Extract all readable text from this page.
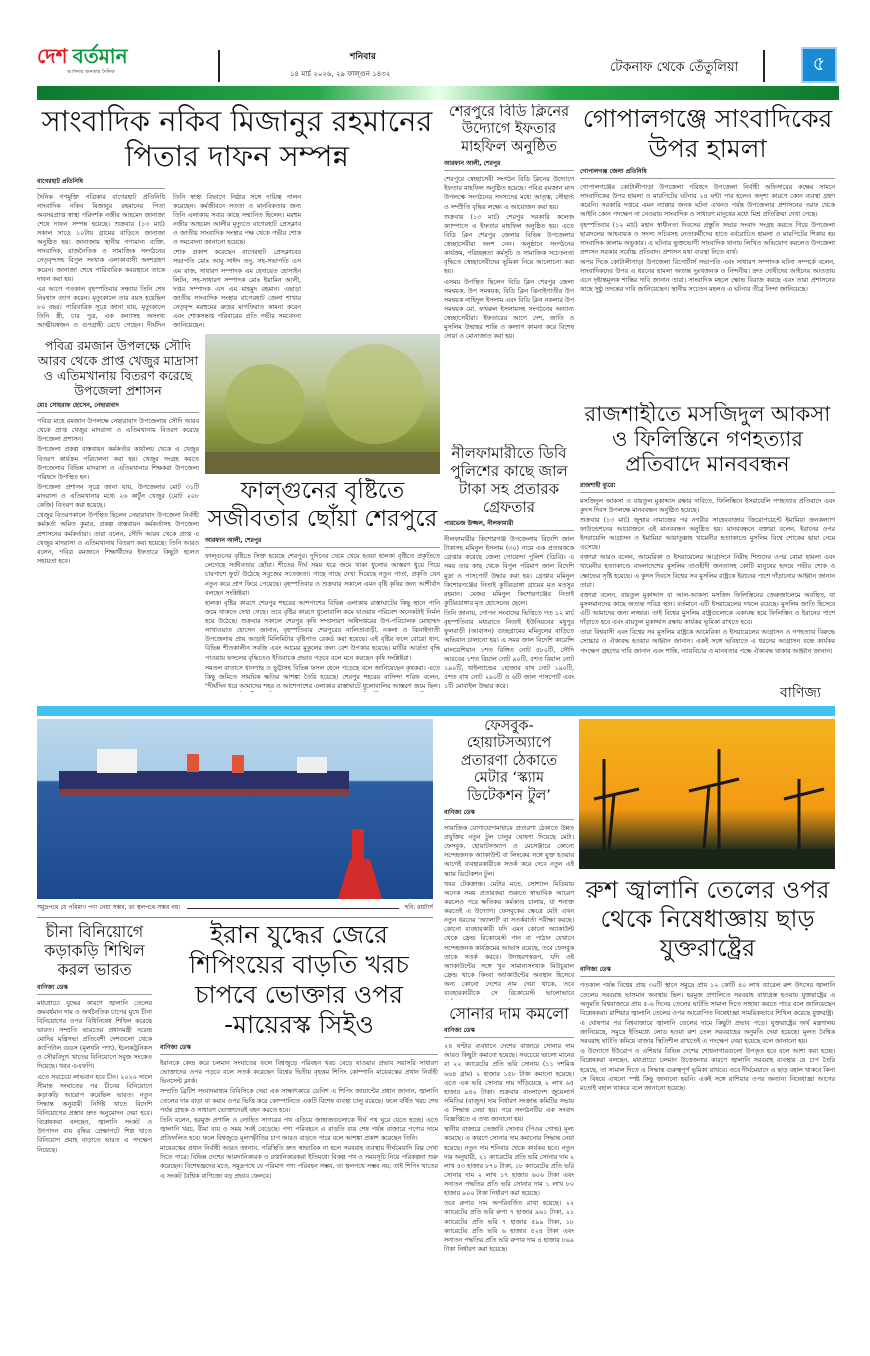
দেশ বর্তমান
আপনার জনতার দৈনিক
শনিবার
১৪ মার্চ ২০২৬, ২৯ ফাল্গুন ১৪৩২	টেকনাফ থেকে তেঁতুলিয়া	৫
সাংবাদিক নকিব মিজানুর রহমানের পিতার দাফন সম্পন্ন
বাগেরহাট প্রতিনিধি

দৈনিক গণমুক্তি পত্রিকার বাগেরহাট প্রতিনিধি সাংবাদিক নকিব মিজানুর রহমানের পিতা অবসরপ্রাপ্ত স্বাস্থ্য পরিদর্শক নজীর আহমেদ জানাজা শেষে দাফন সম্পন্ন হয়েছে। শুক্রবার (১৩ মার্চ) সকাল সাড়ে ১০টায় গ্রামের বাড়িতে জানাজা অনুষ্ঠিত হয়। জানাজায় স্থানীয় গণ্যমান্য ব্যক্তি, সাংবাদিক, রাজনৈতিক ও সামাজিক সংগঠনের নেতৃবৃন্দসহ বিপুল সংখ্যক এলাকাবাসী অংশগ্রহণ করেন। জানাজা শেষে পারিবারিক কবরস্থানে তাকে দাফন করা হয়।

এর আগে গতকাল বৃহস্পতিবার সন্ধ্যায় তিনি শেষ নিঃশ্বাস ত্যাগ করেন। মৃত্যুকালে তার বয়স হয়েছিল ৮০ বছর। পারিবারিক সূত্রে জানা যায়, মৃত্যুকালে তিনি স্ত্রী, চার পুত্র, এক কন্যাসহ অসংখ্য আত্মীয়স্বজন ও গুণগ্রাহী রেখে গেছেন। দীর্ঘদিন তিনি স্বাস্থ্য বিভাগে নিষ্ঠার সঙ্গে দায়িত্ব পালন করেছেন। কর্মজীবনে সততা ও মানবিকতার জন্য তিনি এলাকায় সবার কাছে সম্মানিত ছিলেন। মরহুম নজীর আহমেদ আলীর মৃত্যুতে বাগেরহাট প্রেসক্লাব ও জাতীয় সাংবাদিক সংস্থার পক্ষ থেকে গভীর শোক ও সমবেদনা জানানো হয়েছে।

শোক প্রকাশ করেছেন বাগেরহাট প্রেসক্লাবের সভাপতি মোঃ আবু সাঈদ তনু, সহ-সভাপতি এস এম রাজ, সাধারণ সম্পাদক এম হেদায়েত হোসাইন লিটন, সহ-সাধারণ সম্পাদক মোঃ ইয়ামিন আলী, দপ্তর সম্পাদক এস এম মাহমুদ রহমান। এছাড়া জাতীয় সাংবাদিক সংস্থার বাগেরহাট জেলা শাখার নেতৃবৃন্দ মরহুমের রুহের মাগফিরাত কামনা করেন এবং শোকসন্তপ্ত পরিবারের প্রতি গভীর সমবেদনা জানিয়েছেন।

পবিত্র রমজান উপলক্ষে সৌদি আরব থেকে প্রাপ্ত খেজুর মাদ্রাসা ও এতিমখানায় বিতরণ করেছে উপজেলা প্রশাসন
মোঃ সোহরাফ হোসেন, নেছারাবাদ

পবিত্র মাহে রমজান উপলক্ষে নেছারাবাদ উপজেলায় সৌদি আরব থেকে প্রাপ্ত খেজুর মাদরাসা ও এতিমখানায় বিতরণ করেছে উপজেলা প্রশাসন।

উপজেলা প্রকল্প বাস্তবায়ন কর্মকর্তার কার্যালয় থেকে এ খেজুর বিতরণ কার্যক্রম পরিচালনা করা হয়। খেজুর সংগ্রহ করতে উপজেলার বিভিন্ন মাদরাসা ও এতিমখানার শিক্ষকরা উপজেলা পরিষদে উপস্থিত হন।

উপজেলা প্রশাসন সূত্রে জানা যায়, উপজেলার মোট ৩১টি মাদরাসা ও এতিমখানার মধ্যে ২৬ কার্টুন খেজুর (মোট ২০৮ কেজি) বিতরণ করা হয়েছে।

খেজুর বিতরণকালে উপস্থিত ছিলেন নেছারাবাদ উপজেলা নির্বাহী কর্মকর্তা অমিত কুমার, প্রকল্প বাস্তবায়ন কর্মকর্তাসহ উপজেলা প্রশাসনের কর্মকর্তারা। তারা বলেন, সৌদি আরব থেকে প্রাপ্ত এ খেজুর মাদরাসা ও এতিমখানায় বিতরণ করা হয়েছে। তিনি আরও বলেন, পবিত্র রমজানে শিক্ষার্থীদের ইফতারে কিছুটা হলেও সহায়তা হবে।

ফাল্গুনের বৃষ্টিতে সজীবতার ছোঁয়া শেরপুরে
আরফান আলী, শেরপুর

ফাল্গুনের বৃষ্টিতে সিক্ত হয়েছে শেরপুর। দুদিনের থেমে থেমে হওয়া হালকা বৃষ্টিতে প্রকৃতিতে লেগেছে সজীবতার ছোঁয়া। শীতের দীর্ঘ সময় ধরে জমে থাকা ধুলোর আস্তরণ ধুয়ে গিয়ে চারপাশে ফুটে উঠেছে সবুজের সতেজতা। গাছে গাছে দেখা দিয়েছে নতুন পাতা, প্রকৃতি যেন নতুন করে প্রাণ ফিরে পেয়েছে। বৃহস্পতিবার ও শুক্রবার সকালে এমন বৃষ্টি কৃষির জন্য আশীর্বাদ বলছেন সংশ্লিষ্টরা।

হালকা বৃষ্টির কারণে শেরপুর শহরের আশপাশের বিভিন্ন এলাকায় রাস্তাঘাটের কিছু স্থানে পানি জমে থাকতে দেখা গেছে। তবে বৃষ্টির কারণে ধুলোবালি কমে যাওয়ায় পরিবেশ অনেকটাই নির্মল হয়ে উঠেছে। শুক্রবার সকালে শেরপুর কৃষি সম্প্রসারণ অধিদপ্তরের উপ-পরিচালক মোহাম্মদ সাখাওয়াত হোসেন জানান, বৃহস্পতিবার শেরপুরের নালিতাবাড়ী, নকলা ও ঝিনাইগাতী উপজেলায় প্রায় আড়াই মিলিমিটার বৃষ্টিপাত রেকর্ড করা হয়েছে। এই বৃষ্টির ফলে বোরো ধান, বিভিন্ন শীতকালীন সবজি এবং আমের মুকুলের জন্য বেশ উপকার হয়েছে। মাটির আর্দ্রতা বৃদ্ধি পাওয়ায় ফসলের বৃদ্ধিতেও ইতিবাচক প্রভাব পড়বে বলে মনে করছেন কৃষি সংশ্লিষ্টরা।

সমতল বাতাসে ধানগাছ ও ভুট্টাসহ বিভিন্ন ফসল হেলে পড়েছে বলে জানিয়েছেন কৃষকরা। এতে কিছু জমিতে সাময়িক ক্ষতির আশঙ্কা তৈরি হয়েছে। শেরপুর শহরের বাসিন্দা শরিফ বলেন, "দীর্ঘদিন ধরে আমাদের শহর ও আশেপাশের এলাকার রাস্তাঘাটে ধুলোবালির আস্তরণ জমে ছিল।

শেরপুরে বিডি ক্লিনের উদ্যোগে ইফতার মাহফিল অনুষ্ঠিত
আরফান আলী, শেরপুর

শেরপুরে স্বেচ্ছাসেবী সংগঠন বিডি ক্লিনের উদ্যোগে ইফতার মাহফিল অনুষ্ঠিত হয়েছে। পবিত্র রমজান মাস উপলক্ষে সংগঠনের সদস্যদের মধ্যে আতৃত্ব, সৌহার্দ্য ও সম্প্রীতি বৃদ্ধির লক্ষ্যে এ আয়োজন করা হয়।

শুক্রবার (১৩ মার্চ) শেরপুর সরকারি কলেজ ক্যাম্পাসে এ ইফতার মাহফিল অনুষ্ঠিত হয়। এতে বিডি ক্লিন শেরপুর জেলার বিভিন্ন উপজেলার স্বেচ্ছাসেবীরা অংশ নেন। অনুষ্ঠানে সংগঠনের কার্যক্রম, পরিচ্ছন্নতা কর্মসূচি ও সামাজিক সচেতনতা বৃদ্ধিতে স্বেচ্ছাসেবীদের ভূমিকা নিয়ে আলোচনা করা হয়।

এসময় উপস্থিত ছিলেন বিডি ক্লিন শেরপুর জেলা সমন্বয়ক, উপ সমন্বয়ক, বিডি ক্লিন ঝিনাইগাতীর উপ সমন্বয়ক নাহিদুল ইসলাম এবং বিডি ক্লিন নকলার উপ সমন্বয়ক মো. ফখরুল ইসলামসহ সংগঠনের অন্যান্য স্বেচ্ছাসেবীরা। ইফতারের আগে দেশ, জাতি ও মুসলিম উম্মাহর শান্তি ও কল্যাণ কামনা করে বিশেষ দোয়া ও মোনাজাত করা হয়।

নীলফামারীতে ডিবি পুলিশের কাছে জাল টাকা সহ প্রতারক গ্রেফতার
পারভেজ উজ্জল, নীলফামারী

নীলফামারীর কিশোরগঞ্জ উপজেলায় বিদেশি জাল টাকাসহ মমিনুল ইসলাম (৩০) নামে এক প্রতারককে গ্রেপ্তার করেছে জেলা গোয়েন্দা পুলিশ (ডিবি)। এ সময় তার কাছ থেকে বিপুল পরিমাণ জাল বিদেশি মুদ্রা ও পাসপোর্ট উদ্ধার করা হয়। গ্রেপ্তার মমিনুল কিশোরগঞ্জের নিতাই কুটিরডাঙ্গা গ্রামের মৃত মতসুর রহমান। মেজর মমিনুল কিশোরগঞ্জের নিতাই কুটিরডাঙ্গার মৃত হোসেনের ছেলে।

তিনি জানায়, গোপন সংবাদের ভিত্তিতে গত ১২ মার্চ বৃহস্পতিবার মধ্যরাতে নিতাই ইউনিয়নের মধুপুর ফুলবাড়ী (আবাসন) গুচ্ছগ্রামের মমিনুলের বাড়িতে অভিযান চালানো হয়। এ সময় জাল বিদেশি কারেন্সি মালয়েশিয়ান ১শত রিঙ্গিত নোট ৫৮০টি, সৌদি আরবের ১শত রিয়াল নোট ৯০টি, ৫শত রিয়াল নোট ১৯০টি, থাইল্যান্ডের ১হাজার বাথ নোট ১৯০টি, ৫শত বাথ নোট ২৯০টি ও ৬টি জাল পাসপোর্ট এবং ১টি মোবাইল উদ্ধার করে।

গোপালগঞ্জে সাংবাদিকের উপর হামলা
গোপালগঞ্জ জেলা প্রতিনিধি

গোপালগঞ্জের কোটালীপাড়া উপজেলা পরিষদে উপজেলা নির্বাহী অফিসারের কক্ষের সামনে সাংবাদিকের উপর হামলা ও মারপিটের ঘটনার ২৪ ঘন্টা পার হলেও অদৃশ্য কারণে কোন ব্যবস্থা গ্রহণ করেনি। সরকারি দপ্তরে এমন ন্যাক্কার জনক ঘটনা এখনও পর্যন্ত উপজেলার প্রশাসনের তরফ থেকে আইনি কোন পদক্ষেপ না নেওয়ায় সাংবাদিক ও সাধারণ মানুষের মধ্যে মিশ্র প্রতিক্রিয়া দেখা গেছে।

বৃহস্পতিবার (১২ মার্চ) মহান স্বাধীনতা দিবসের প্রস্তুতি সভার সংবাদ সংগ্রহ করতে গিয়ে উপজেলা ছাত্রদলের আহবায়ক ও সদস্য সচিবসহ নেতাকর্মীদের হাতে বর্বরোচিত হামলা ও মারপিটের শিকার হয় সাংবাদিক কালাম অভুকার। এ ঘটনার ভুক্তভোগী সাংবাদিক থানায় লিখিত অভিযোগ করলেও উপজেলা প্রশাসন সরকার সর্বোচ্চ প্রতিবাদ। প্রশাসন যথা ব্যবস্থা নিতে ব্যর্থ।

অপর দিকে কোটালীপাড়া উপজেলা রিপোর্টার্স সভাপতি এবং সাধারণ সম্পাদক ঘটনা সম্পর্কে বলেন, সাংবাদিকদের উপর এ ধরনের হামলা অত্যন্ত দুঃখজনক ও নিন্দনীয়। দ্রুত দোষীদের আইনের আওতায় এনে দৃষ্টান্তমূলক শাস্তির দাবি জানান তারা। সাংবাদিক মহলে ক্ষোভ বিরাজ করছে এবং তারা প্রশাসনের কাছে সুষ্ঠু তদন্তের দাবি জানিয়েছেন। স্থানীয় সচেতন মহলও এ ঘটনার তীব্র নিন্দা জানিয়েছে।

রাজশাহীতে মসজিদুল আকসা ও ফিলিস্তিনে গণহত্যার প্রতিবাদে মানববন্ধন
রাজশাহী ব্যুরো

মসজিদুল আকসা ও বায়তুল মুকাদ্দাস রক্ষার দাবিতে, ফিলিস্তিনে ইসরায়েলি গণহত্যার প্রতিবাদে এবং কুদস দিবস উপলক্ষে মানববন্ধন অনুষ্ঠিত হয়েছে।

শুক্রবার (১৩ মার্চ) জুম্মার নামাজের পর নগরীর সাহেববাজার জিরোপয়েন্টে ইমামিয়া জনকল্যাণ ফাউন্ডেশনের আয়োজনে এই মানববন্ধন অনুষ্ঠিত হয়। মানববন্ধনে বক্তারা বলেন, ইরানের ওপর ইসরায়েলি আগ্রাসন ও ইমামিয়া আয়াতুল্লাহ খামেনীর হত্যাকাণ্ডে মুসলিম বিশ্বে শোকের ছায়া নেমে এসেছে।

বক্তারা আরও বলেন, আমেরিকা ও ইসরায়েলের আগ্রাসনে নিরীহ শিশুদের ওপর বোমা হামলা এবং খামেনীর হত্যাকাণ্ডে বাংলাদেশের মুসলিম তাওহীদী জনতাসহ কোটি মানুষের হৃদয়ে গভীর শোক ও ক্ষোভের সৃষ্টি হয়েছে। এ কুদস দিবসে বিশ্বের সব মুসলিম রাষ্ট্রকে ইরানের পাশে দাঁড়ানোর আহ্বান জানান তারা।

বক্তারা বলেন, বায়তুল মুকাদ্দাস বা আল-আকসা মসজিদ ফিলিস্তিনের জেরুজালেমে অবস্থিত, যা মুসলমানদের কাছে অত্যন্ত পবিত্র স্থান। বর্তমানে এটি ইসরায়েলের দখলে রয়েছে। মুসলিম জাতি হিসেবে এটি আমাদের জন্য লজ্জার। তাই বিশ্বের মুসলিম রাষ্ট্রগুলোকে একাবদ্ধ হয়ে ফিলিস্তিন ও ইরানের পাশে দাঁড়াতে হবে এবং বায়তুল মুকাদ্দাস রক্ষায় কার্যকর ভূমিকা রাখতে হবে।

তারা বিশ্ববাসী এবং বিশ্বের সব মুসলিম রাষ্ট্রকে আমেরিকা ও ইসরায়েলের আগ্রাসন ও গণহত্যার বিরুদ্ধে সোচ্চার ও ঐক্যবদ্ধ হওয়ার আহ্বান জানান। একই সঙ্গে ভবিষ্যতে এ ধরনের আগ্রাসন বন্ধে কার্যকর পদক্ষেপ গ্রহণের দাবি জানান এবং শান্তি, ন্যায়বিচার ও মানবতার পক্ষে ঐক্যবদ্ধ থাকার আহ্বান জানান।

বাণিজ্য
সমুদ্রপথে যে পরিমাণ পণ্য নেয়া সম্ভব, তা স্থলপথে সম্ভব নয়।	ছবি: রয়টার্স
চীনা বিনিয়োগে কড়াকড়ি শিথিল করল ভারত
বাণিজ্য ডেস্ক

মধ্যপ্রাচ্যে যুদ্ধের কারণে জ্বালানি তেলের ক্রমবর্ধমান দাম ও অর্থনৈতিক চাপের মুখে চীনা বিনিয়োগের ওপর বিধিনিষেধ শিথিল করেছে ভারত। সম্প্রতি ভারতের প্রধানমন্ত্রী নরেন্দ্র মোদির মন্ত্রিসভা প্রতিবেশী দেশগুলো থেকে ক্যাপিটাল গুডস (মূলধনি পণ্য), ইলেকট্রনিকস ও সৌরবিদ্যুৎ খাতের বিনিয়োগে সবুজ সংকেত দিয়েছে। খবর এএফপি।

এতে সবচেয়ে লাভবান হবে চীন। ২০২০ সালে সীমান্ত সংঘাতের পর চীনের বিনিয়োগে কড়াকড়ি আরোপ করেছিল ভারত। নতুন সিদ্ধান্ত অনুযায়ী নির্দিষ্ট খাতে বিদেশি বিনিয়োগের প্রস্তাব দ্রুত অনুমোদন দেয়া হবে। বিশ্লেষকরা বলছেন, জ্বালানি সংকট ও উৎপাদন ব্যয় বৃদ্ধির প্রেক্ষাপটে শিল্প খাতে বিনিয়োগ প্রবাহ বাড়াতে ভারত এ পদক্ষেপ নিয়েছে।

ইরান যুদ্ধের জেরে শিপিংয়ের বাড়তি খরচ চাপবে ভোক্তার ওপর -মায়েরস্ক সিইও
বাণিজ্য ডেস্ক

ইরানকে কেন্দ্র করে চলমান সংঘাতের ফলে বিশ্বজুড়ে পরিবহন খরচ বেড়ে যাওয়ার প্রভাব সরাসরি সাধারণ ভোক্তাদের ওপর পড়বে বলে সতর্ক করেছেন বিশ্বের দ্বিতীয় বৃহত্তম শিপিং কোম্পানি মায়েরস্কের প্রধান নির্বাহী ভিনসেন্ট ক্লার্ক।

সম্প্রতি ব্রিটিশ সংবাদমাধ্যম বিবিসিকে দেয়া এক সাক্ষাৎকারে ডেনিশ এ শিপিং জায়ান্টের প্রধান জানান, জ্বালানি তেলের দাম বাড়া বা কমার ওপর ভিত্তি করে কোম্পানিতে একটি বিশেষ ব্যবস্থা চালু রয়েছে। ফলে বর্ধিত খরচ শেষ পর্যন্ত গ্রাহক ও সাধারণ ভোক্তাদেরই বহন করতে হবে।

তিনি বলেন, হরমুজ প্রণালি ও লোহিত সাগরের পথ এড়িয়ে জাহাজগুলোকে দীর্ঘ পথ ঘুরে যেতে হচ্ছে। এতে জ্বালানি খরচ, বীমা ব্যয় ও সময় সবই বেড়েছে। পণ্য পরিবহনে এ বাড়তি ব্যয় শেষ পর্যন্ত বাজারে পণ্যের দামে প্রতিফলিত হবে। ফলে বিশ্বজুড়ে মূল্যস্ফীতির চাপ আরও বাড়তে পারে বলে আশঙ্কা প্রকাশ করেছেন তিনি।

মায়েরস্কের প্রধান নির্বাহী আরও জানান, পরিস্থিতি দ্রুত স্বাভাবিক না হলে সরবরাহ ব্যবস্থায় দীর্ঘমেয়াদি বিঘ্ন দেখা দিতে পারে। বিভিন্ন দেশের আমদানিকারক ও রপ্তানিকারকরা ইতিমধ্যে বিকল্প পথ ও সময়সূচি নিয়ে পরিকল্পনা শুরু করেছেন। বিশেষজ্ঞদের মতে, সমুদ্রপথে যে পরিমাণ পণ্য পরিবহন সম্ভব, তা স্থলপথে সম্ভব নয়; তাই শিপিং খাতের এ সংকট বৈশ্বিক বাণিজ্যে বড় প্রভাব ফেলবে।

ফেসবুক-হোয়াটসঅ্যাপে প্রতারণা ঠেকাতে মেটার ‘স্ক্যাম ডিটেকশন টুল’
বাণিজ্য ডেস্ক

সামাজিক যোগাযোগমাধ্যমে প্রতারণা ঠেকাতে উন্নত প্রযুক্তির নতুন টুল চালুর ঘোষণা দিয়েছে মেটা। ফেসবুক, হোয়াটসঅ্যাপ ও মেসেঞ্জারে কোনো সন্দেহজনক অ্যাকাউন্ট বা লিংকের সঙ্গে যুক্ত হওয়ার আগেই ব্যবহারকারীকে সতর্ক করে দেবে নতুন এই স্ক্যাম ডিটেকশন টুল।

খবর টেকক্রাঞ্চ। মেটার মতে, সোশ্যাল মিডিয়ায় অনেক সময় প্রতারকরা শুরুতে স্বাভাবিক আচরণ করলেও পরে ক্ষতিকর কর্মকাণ্ড চালায়, যা শনাক্ত করতেই এ উদ্যোগ। ফেসবুকের ক্ষেত্রে মেটা এখন নতুন ধরনের 'অ্যালার্ট' বা সতর্কবার্তা পরীক্ষা করছে। কোনো ব্যবহারকারী যদি এমন কোনো অ্যাকাউন্ট থেকে ফ্রেন্ড রিকোয়েস্ট পান বা পাঠান যেখানে সন্দেহজনক কার্যক্রমের আভাস রয়েছে, তবে ফেসবুক তাকে সতর্ক করবে। উদাহরণস্বরূপ, যদি ওই অ্যাকাউন্টের সঙ্গে খুব সামান্যসংখ্যক মিউচুয়াল ফ্রেন্ড থাকে কিংবা অ্যাকাউন্টের অবস্থান হিসেবে অন্য কোনো দেশের নাম দেয়া থাকে, তবে ব্যবহারকারীকে সে রিকোয়েস্ট ভালোভাবে

সোনার দাম কমলো
বাণিজ্য ডেস্ক

২৪ ঘণ্টার ব্যবধানে দেশের বাজারে সোনার দাম আরও কিছুটা কমানো হয়েছে। সবচেয়ে ভালো মানের বা ২২ ক্যারেটের প্রতি ভরি সোনায় (১১ দশমিক ৬৬৪ গ্রাম) ২ হাজার ১৫৮ টাকা কমানো হয়েছে। এতে এক ভরি সোনার দাম দাঁড়িয়েছে ২ লাখ ৬৫ হাজার ৯৪০ টাকা। শুক্রবার বাংলাদেশ জুয়েলার্স সমিতির (বাজুস) দাম নির্ধারণ সংক্রান্ত কমিটির সভায় এ সিদ্ধান্ত নেয়া হয়। পরে সংগঠনটির এক সংবাদ বিজ্ঞপ্তিতে এ তথ্য জানানো হয়।

স্থানীয় বাজারে তেজাবি সোনার (পিওর গোল্ড) মূল্য কমেছে। এ কারণে সোনার দাম কমানোর সিদ্ধান্ত নেয়া হয়েছে। নতুন দাম শনিবার থেকে কার্যকর হবে। নতুন দাম অনুযায়ী, ২১ ক্যারেটের প্রতি ভরি সোনার দাম ২ লাখ ৫৩ হাজার ৮৭০ টাকা, ১৮ ক্যারেটের প্রতি ভরি সোনার দাম ২ লাখ ১৭ হাজার ৬০৬ টাকা এবং সনাতন পদ্ধতির প্রতি ভরি সোনার দাম ১ লাখ ৮০ হাজার ৯০০ টাকা নির্ধারণ করা হয়েছে।

তবে রুপার দাম অপরিবর্তিত রাখা হয়েছে। ২২ ক্যারেটের প্রতি ভরি রুপা ৭ হাজার ৯৬১ টাকা, ২১ ক্যারেটের প্রতি ভরি ৭ হাজার ৫৯৯ টাকা, ১৮ ক্যারেটের প্রতি ভরি ৬ হাজার ৫২৪ টাকা এবং সনাতন পদ্ধতির প্রতি ভরি রুপার দাম ৪ হাজার ৮৯৯ টাকা নির্ধারণ করা হয়েছে।

রুশ জ্বালানি তেলের ওপর থেকে নিষেধাজ্ঞায় ছাড় যুক্তরাষ্ট্রের
বাণিজ্য ডেস্ক

গতকাল পর্যন্ত বিশ্বের প্রায় ৩০টি স্থানে সমুদ্রে প্রায় ১২ কোটি ৪০ লাখ ব্যারেল রুশ উৎসের জ্বালানি তেলের সরবরাহ ভাসমান অবস্থায় ছিল। হরমুজ প্রণালিতে সরবরাহ বাধাগ্রস্ত হওয়ায় যুক্তরাষ্ট্রের এ অনুমতি বিশ্ববাজারে প্রায় ৫-৬ দিনের তেলের ঘাটতি সামাল দিতে সাহায্য করতে পারে বলে জানিয়েছেন বিশ্লেষকরা। রাশিয়ার জ্বালানি তেলের ওপর আরোপিত নিষেধাজ্ঞা সাময়িকভাবে শিথিল করেছে যুক্তরাষ্ট্র।

এ ঘোষণার পর বিশ্ববাজারে জ্বালানি তেলের দামে কিছুটা প্রভাব পড়ে। যুক্তরাষ্ট্রের অর্থ মন্ত্রণালয় জানিয়েছে, সমুদ্রে ইতিমধ্যে লোড হওয়া রুশ তেল সরবরাহের অনুমতি দেয়া হয়েছে। মূলত বৈশ্বিক সরবরাহ ঘাটতি কমিয়ে বাজার স্থিতিশীল রাখতেই এ পদক্ষেপ নেয়া হয়েছে বলে জানানো হয়।

এ উদ্যোগে ইউরোপ ও এশিয়ার বিভিন্ন দেশের শোধনাগারগুলো উপকৃত হবে বলে আশা করা হচ্ছে। বিশ্লেষকরা বলছেন, মধ্যপ্রাচ্যে চলমান উত্তেজনার কারণে জ্বালানি সরবরাহ ব্যবস্থায় যে চাপ তৈরি হয়েছে, তা সামাল দিতে এ সিদ্ধান্ত গুরুত্বপূর্ণ ভূমিকা রাখবে। তবে দীর্ঘমেয়াদে এ ছাড় বহাল থাকবে কিনা সে বিষয়ে এখনো স্পষ্ট কিছু জানানো হয়নি। একই সঙ্গে রাশিয়ার ওপর অন্যান্য নিষেধাজ্ঞা আগের মতোই বহাল থাকবে বলে জানানো হয়েছে।
